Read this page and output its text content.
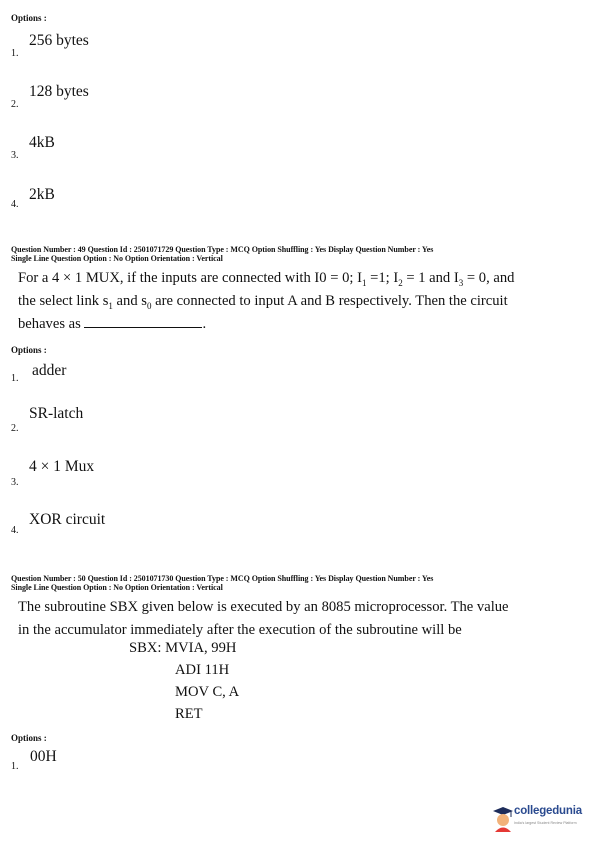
Options :
1.
256 bytes
2.
128 bytes
3.
4kB
4.
2kB
Question Number : 49 Question Id : 2501071729 Question Type : MCQ Option Shuffling : Yes Display Question Number : Yes
Single Line Question Option : No Option Orientation : Vertical
For a 4 × 1 MUX, if the inputs are connected with I0 = 0; $I_1 =1$; $I_2 = 1$ and $I_3 = 0$, and
the select link $s_1$ and $s_0$ are connected to input A and B respectively. Then the circuit
behaves as	.
Options :
1. adder
2.
SR-latch
3.
4 × 1 Mux
4.
XOR circuit
Question Number : 50 Question Id : 2501071730 Question Type : MCQ Option Shuffling : Yes Display Question Number : Yes
Single Line Question Option : No Option Orientation : Vertical
The subroutine SBX given below is executed by an 8085 microprocessor. The value
in the accumulator immediately after the execution of the subroutine will be
SBX: MVIA, 99H
ADI 11H
MOV C, A
RET
Options :
1.
00H
collegedunia
India's largest Student Review Platform
